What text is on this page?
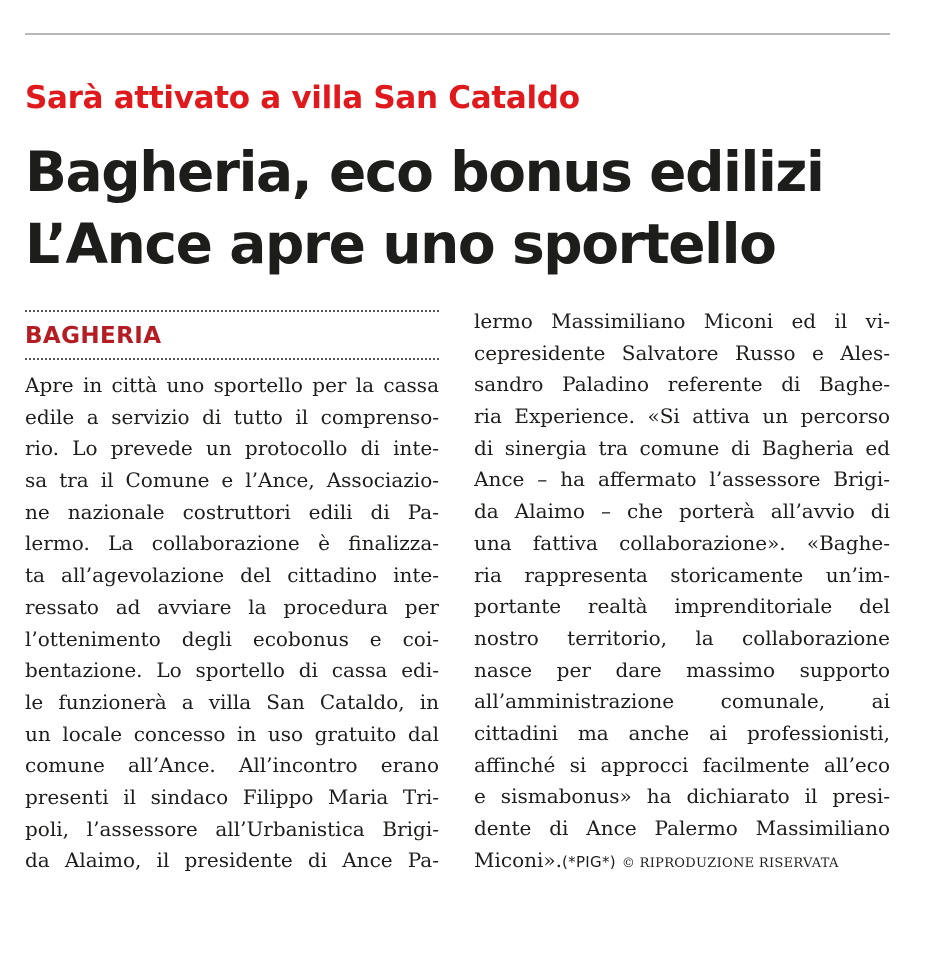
Sarà attivato a villa San Cataldo
Bagheria, eco bonus edilizi
L’Ance apre uno sportello
BAGHERIA
Apre in città uno sportello per la cassa
edile a servizio di tutto il comprenso-
rio. Lo prevede un protocollo di inte-
sa tra il Comune e l’Ance, Associazio-
ne nazionale costruttori edili di Pa-
lermo. La collaborazione è finalizza-
ta all’agevolazione del cittadino inte-
ressato ad avviare la procedura per
l’ottenimento degli ecobonus e coi-
bentazione. Lo sportello di cassa edi-
le funzionerà a villa San Cataldo, in
un locale concesso in uso gratuito dal
comune all’Ance. All’incontro erano
presenti il sindaco Filippo Maria Tri-
poli, l’assessore all’Urbanistica Brigi-
da Alaimo, il presidente di Ance Pa-
lermo Massimiliano Miconi ed il vi-
cepresidente Salvatore Russo e Ales-
sandro Paladino referente di Baghe-
ria Experience. «Si attiva un percorso
di sinergia tra comune di Bagheria ed
Ance – ha affermato l’assessore Brigi-
da Alaimo – che porterà all’avvio di
una fattiva collaborazione». «Baghe-
ria rappresenta storicamente un’im-
portante realtà imprenditoriale del
nostro territorio, la collaborazione
nasce per dare massimo supporto
all’amministrazione comunale, ai
cittadini ma anche ai professionisti,
affinché si approcci facilmente all’eco
e sismabonus» ha dichiarato il presi-
dente di Ance Palermo Massimiliano
Miconi».(*PIG*) © RIPRODUZIONE RISERVATA
